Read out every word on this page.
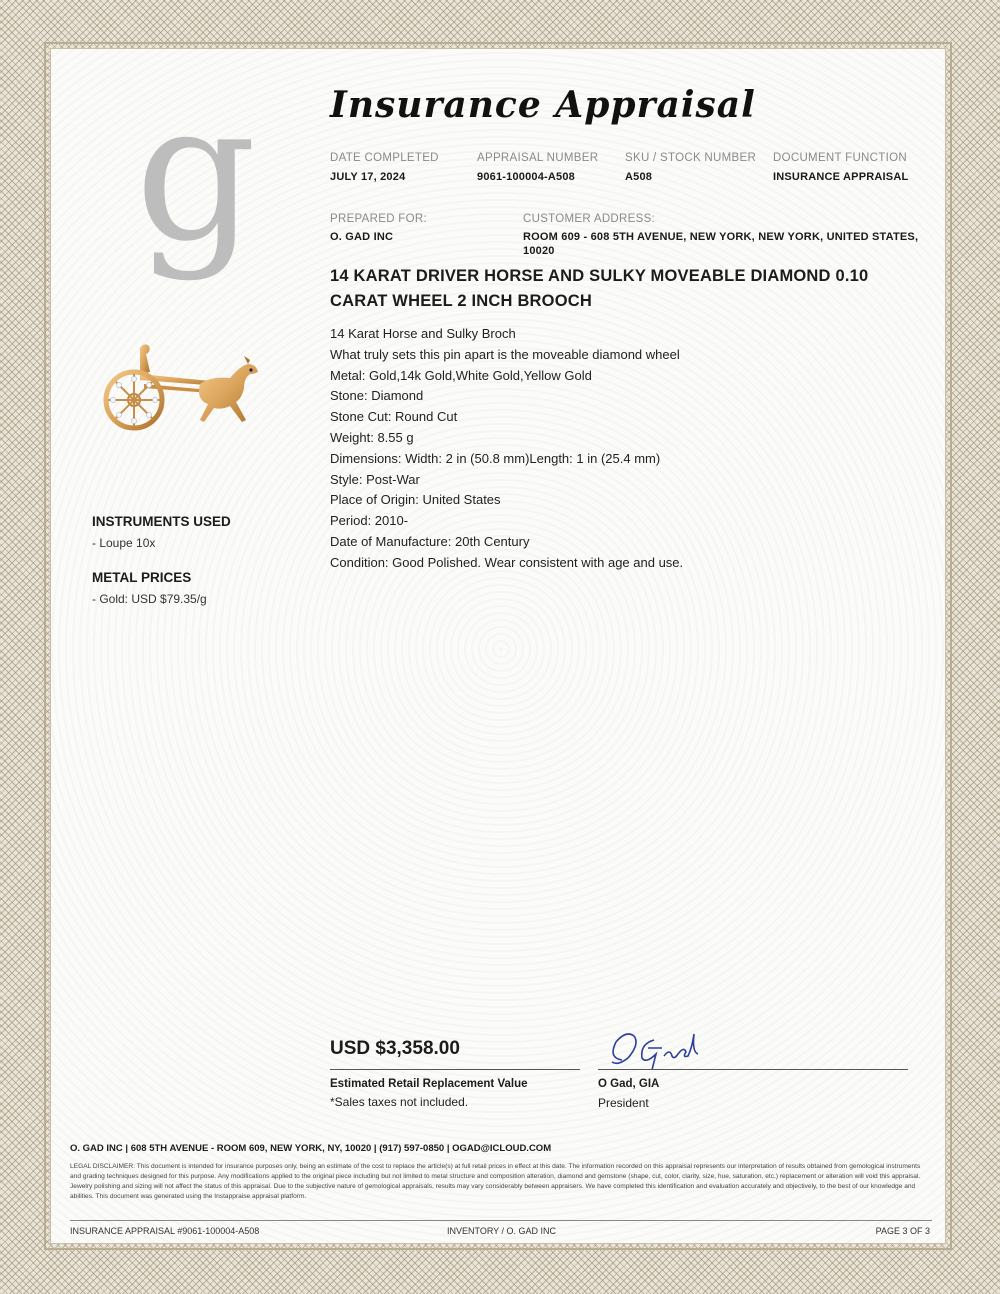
g Insurance Appraisal
DATE COMPLETED
JULY 17, 2024
APPRAISAL NUMBER
9061-100004-A508
SKU / STOCK NUMBER
A508
DOCUMENT FUNCTION
INSURANCE APPRAISAL
PREPARED FOR:
O. GAD INC
CUSTOMER ADDRESS:
ROOM 609 - 608 5TH AVENUE, NEW YORK, NEW YORK, UNITED STATES,
10020
14 KARAT DRIVER HORSE AND SULKY MOVEABLE DIAMOND 0.10 CARAT WHEEL 2 INCH BROOCH
14 Karat Horse and Sulky Broch
What truly sets this pin apart is the moveable diamond wheel
Metal: Gold,14k Gold,White Gold,Yellow Gold
Stone: Diamond
Stone Cut: Round Cut
Weight: 8.55 g
Dimensions: Width: 2 in (50.8 mm)Length: 1 in (25.4 mm)
Style: Post-War
Place of Origin: United States
Period: 2010-
Date of Manufacture: 20th Century
Condition: Good Polished. Wear consistent with age and use.
INSTRUMENTS USED
- Loupe 10x
METAL PRICES
- Gold: USD $79.35/g
USD $3,358.00
Estimated Retail Replacement Value
*Sales taxes not included.
O Gad, GIA
President
O. GAD INC | 608 5TH AVENUE - ROOM 609, NEW YORK, NY, 10020 | (917) 597-0850 | OGAD@ICLOUD.COM
LEGAL DISCLAIMER: This document is intended for insurance purposes only, being an estimate of the cost to replace the article(s) at full retail prices in effect at this date. The information recorded on this appraisal represents our interpretation of results obtained from gemological instruments and grading techniques designed for this purpose. Any modifications applied to the original piece including but not limited to metal structure and composition alteration, diamond and gemstone (shape, cut, color, clarity, size, hue, saturation, etc.) replacement or alteration will void this appraisal. Jewelry polishing and sizing will not affect the status of this appraisal. Due to the subjective nature of gemological appraisals, results may vary considerably between appraisers. We have completed this identification and evaluation accurately and objectively, to the best of our knowledge and abilities. This document was generated using the Instappraise appraisal platform.
INSURANCE APPRAISAL #9061-100004-A508	INVENTORY / O. GAD INC	PAGE 3 OF 3
